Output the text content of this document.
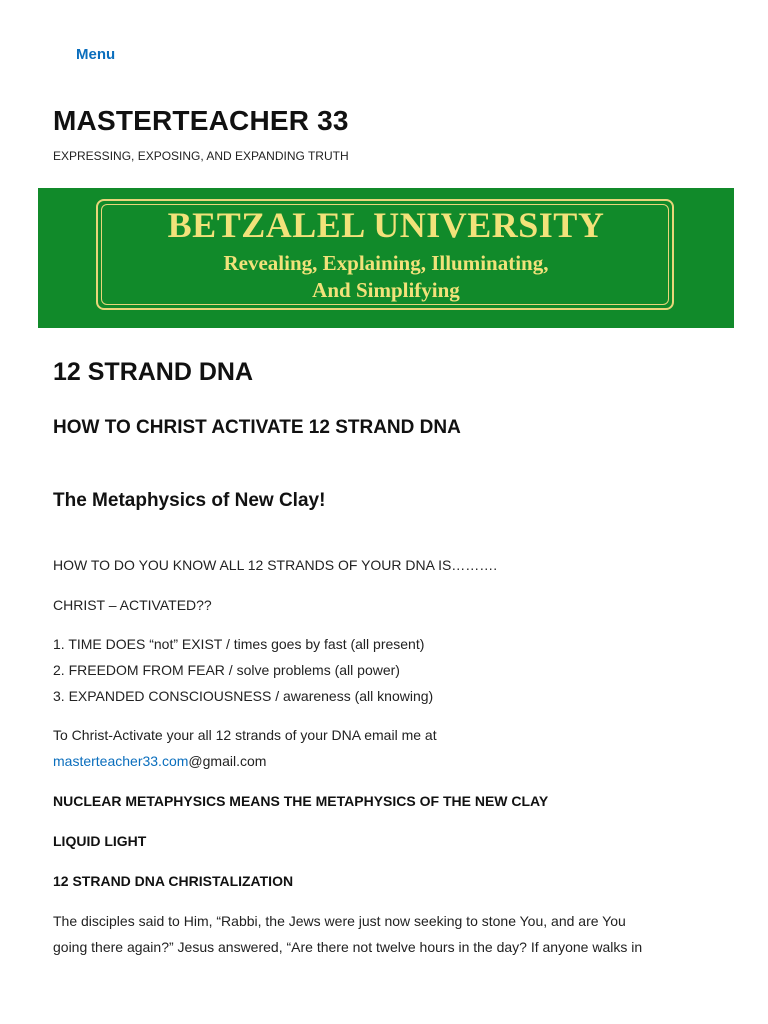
Menu
MASTERTEACHER 33

EXPRESSING, EXPOSING, AND EXPANDING TRUTH

BETZALEL UNIVERSITY
Revealing, Explaining, Illuminating,
And Simplifying
12 STRAND DNA
HOW TO CHRIST ACTIVATE 12 STRAND DNA
The Metaphysics of New Clay!

HOW TO DO YOU KNOW ALL 12 STRANDS OF YOUR DNA IS……….

CHRIST – ACTIVATED??

1. TIME DOES “not” EXIST / times goes by fast (all present)

2. FREEDOM FROM FEAR / solve problems (all power)

3. EXPANDED CONSCIOUSNESS / awareness (all knowing)

To Christ-Activate your all 12 strands of your DNA email me at

masterteacher33.com@gmail.com

NUCLEAR METAPHYSICS MEANS THE METAPHYSICS OF THE NEW CLAY

LIQUID LIGHT

12 STRAND DNA CHRISTALIZATION

The disciples said to Him, “Rabbi, the Jews were just now seeking to stone You, and are You

going there again?” Jesus answered, “Are there not twelve hours in the day? If anyone walks in
